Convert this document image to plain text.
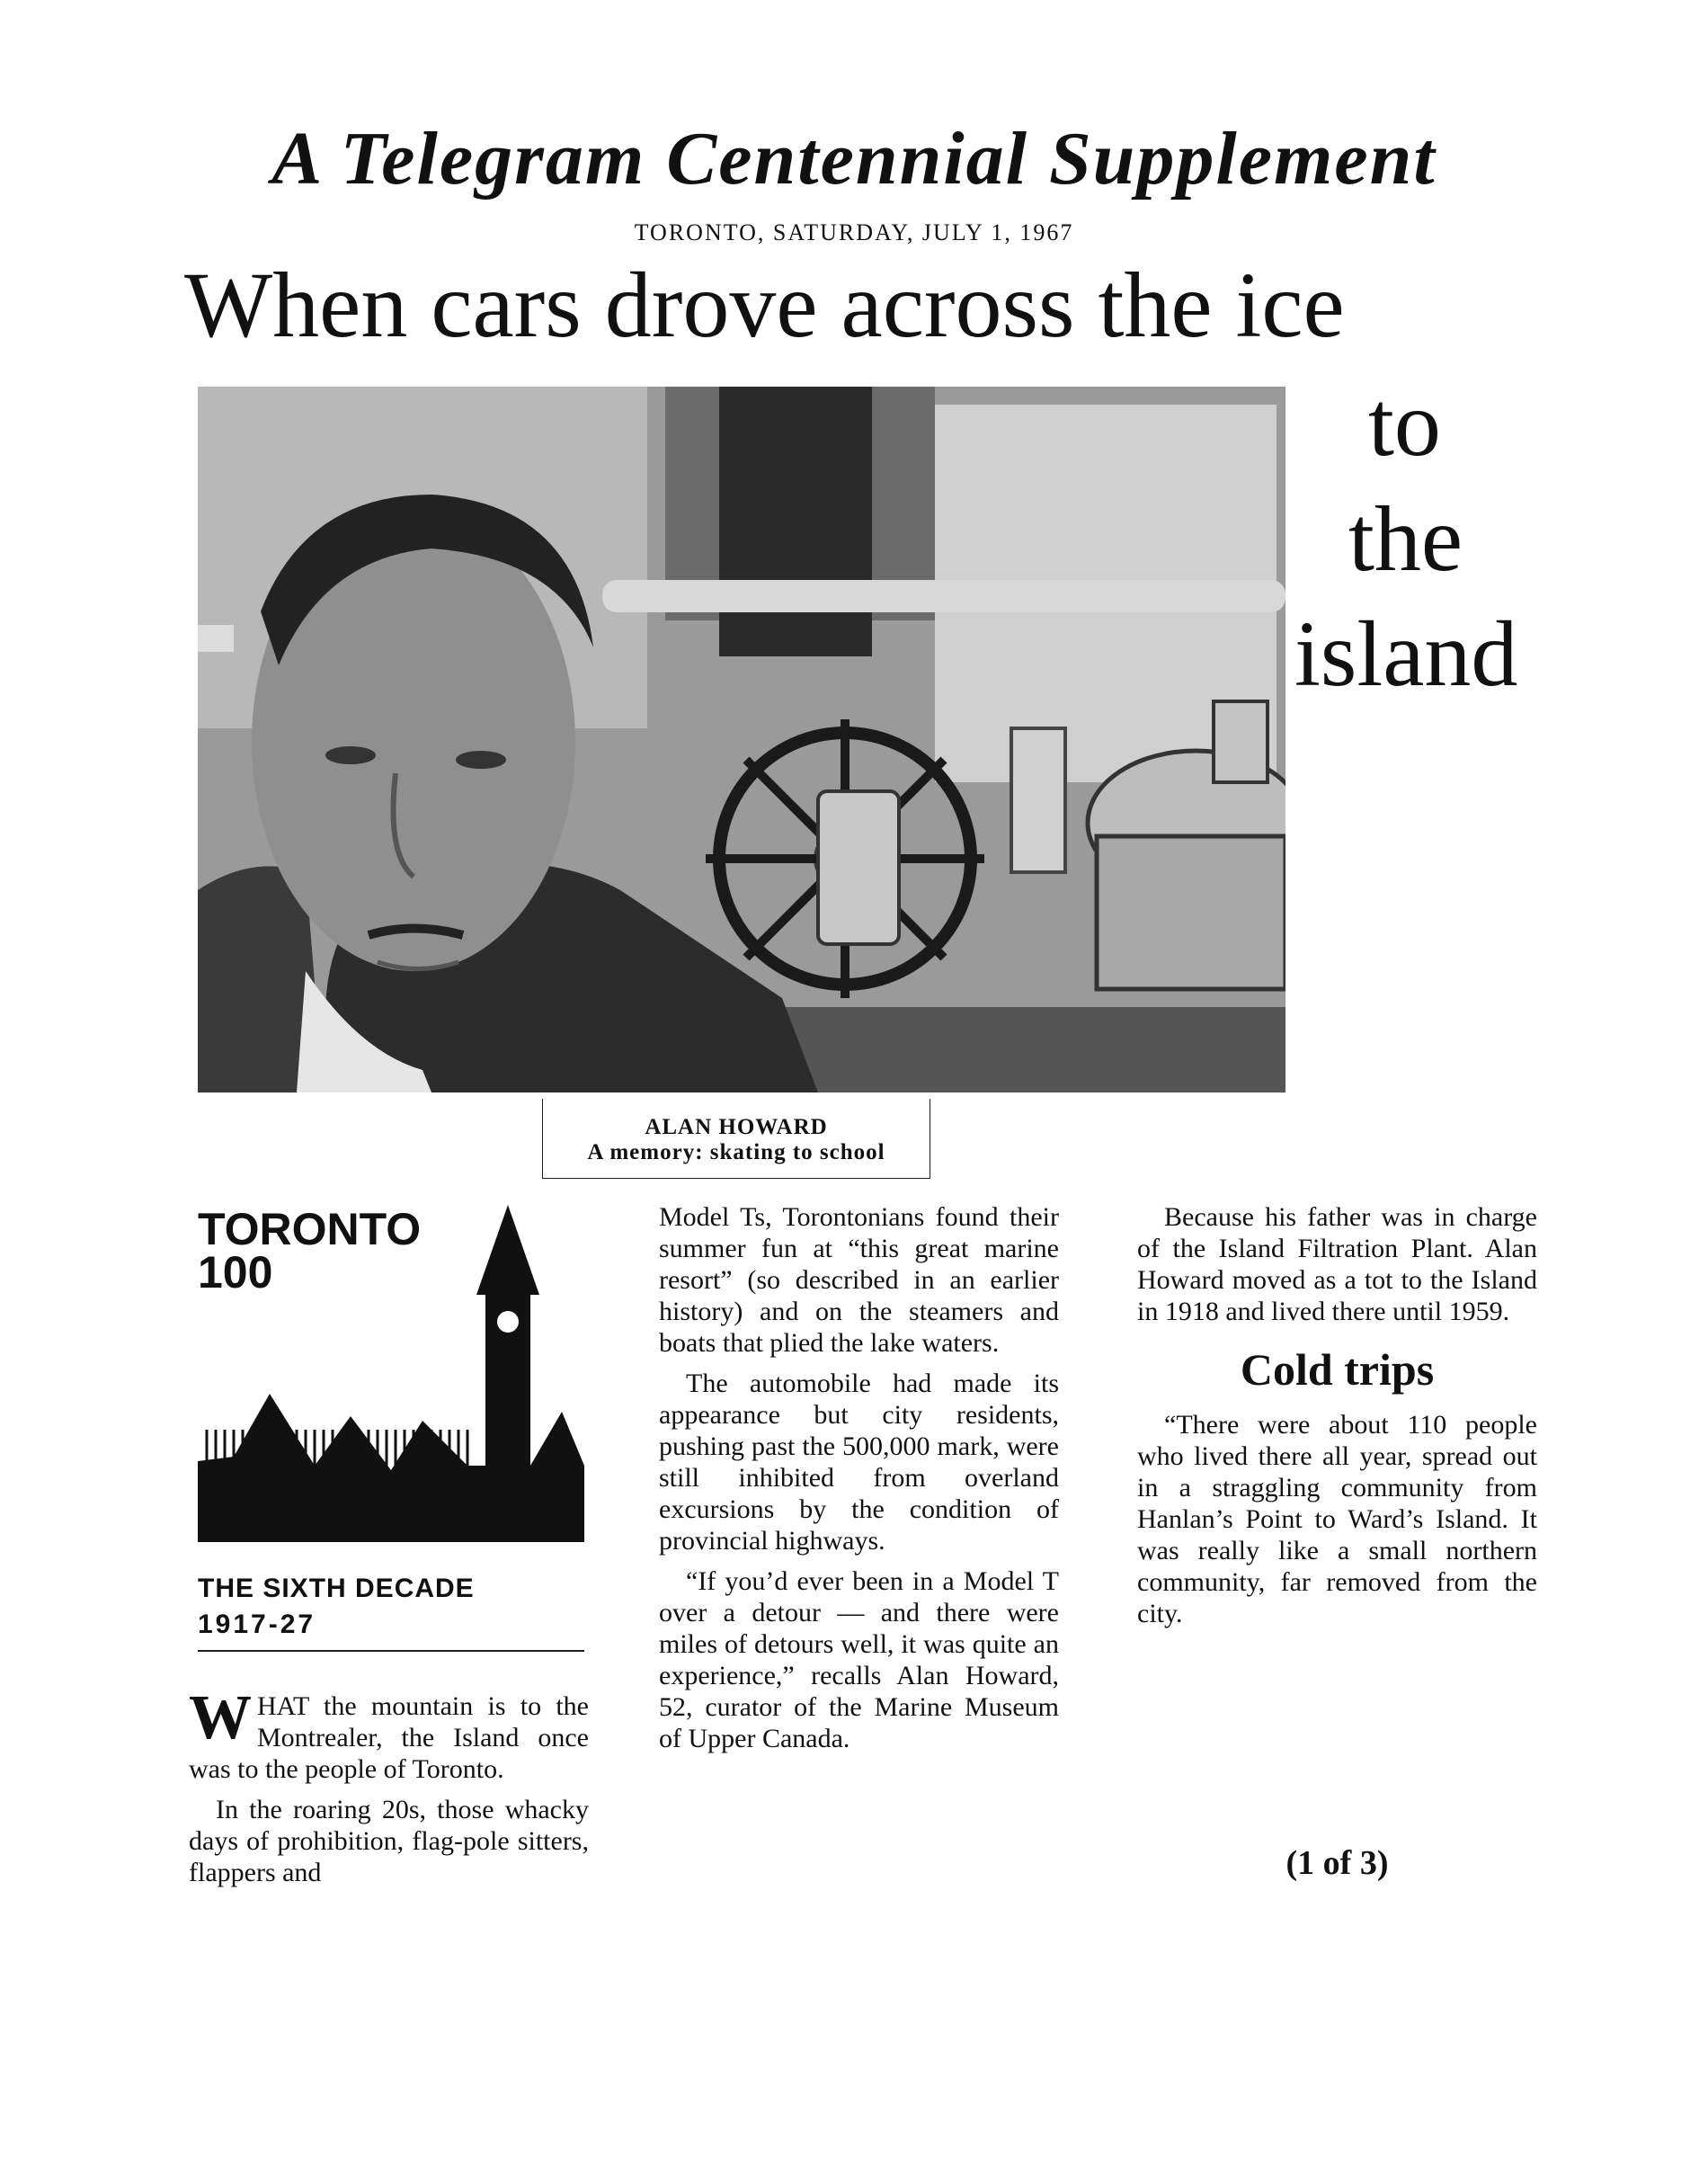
A Telegram Centennial Supplement
TORONTO, SATURDAY, JULY 1, 1967
When cars drove across the ice
to
the
island
ALAN HOWARD
A memory: skating to school
TORONTO
100
THE SIXTH DECADE
1917-27

WHAT the mountain is to the Montrealer, the Island once was to the people of Toronto.

In the roaring 20s, those whacky days of prohibition, flag-pole sitters, flappers and

Model Ts, Torontonians found their summer fun at “this great marine resort” (so described in an earlier history) and on the steamers and boats that plied the lake waters.

The automobile had made its appearance but city residents, pushing past the 500,000 mark, were still inhibited from overland excursions by the condition of provincial highways.

“If you’d ever been in a Model T over a detour — and there were miles of detours well, it was quite an experience,” recalls Alan Howard, 52, curator of the Marine Museum of Upper Canada.

Because his father was in charge of the Island Filtration Plant. Alan Howard moved as a tot to the Island in 1918 and lived there until 1959.

Cold trips

“There were about 110 people who lived there all year, spread out in a straggling community from Hanlan’s Point to Ward’s Island. It was really like a small northern community, far removed from the city.

(1 of 3)
